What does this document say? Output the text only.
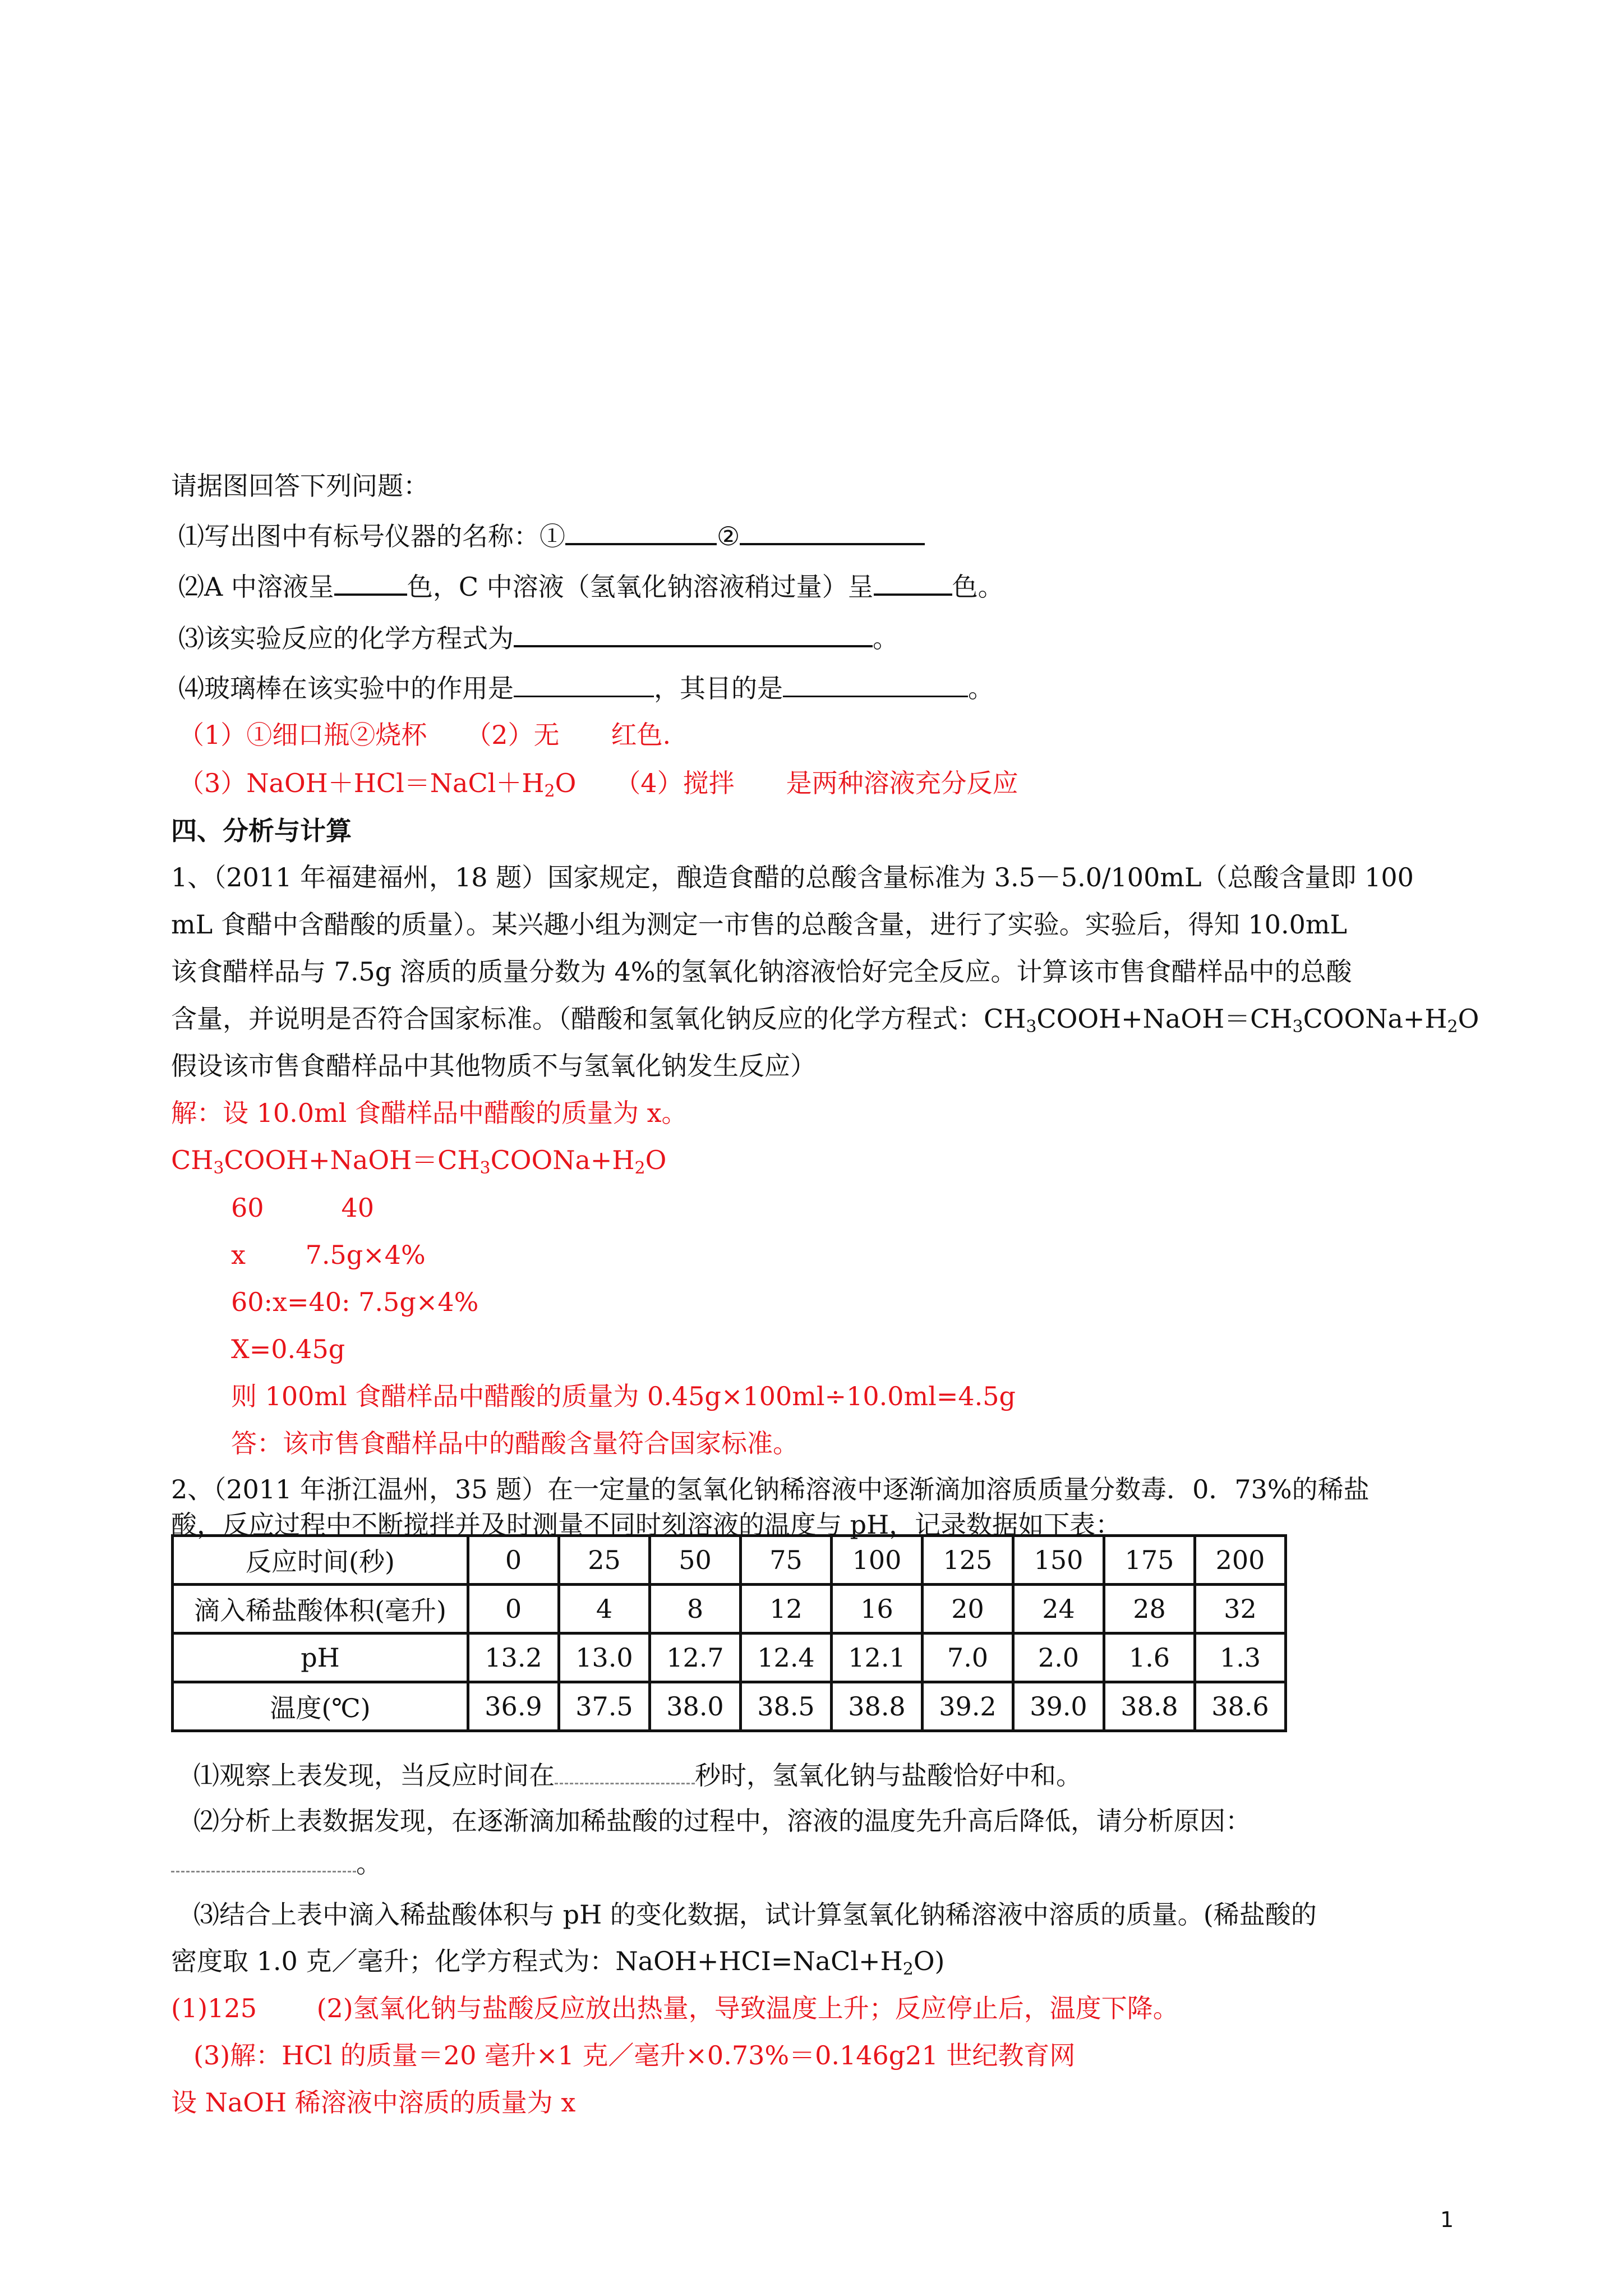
请据图回答下列问题：
⑴写出图中有标号仪器的名称：①	②
⑵A 中溶液呈	色，C 中溶液（氢氧化钠溶液稍过量）呈	色。
⑶该实验反应的化学方程式为	。
⑷玻璃棒在该实验中的作用是	，其目的是	。
（1）①细口瓶②烧杯　　（2）无　　红色.
$(3)NaOH+HCl=NaCl+H_2O$　　（4）搅拌　　是两种溶液充分反应
四、分析与计算
1、（2011 年福建福州，18 题）国家规定，酿造食醋的总酸含量标准为 3.5－5.0/100mL（总酸含量即 100
mL 食醋中含醋酸的质量）。某兴趣小组为测定一市售的总酸含量，进行了实验。实验后，得知 10.0mL
该食醋样品与 7.5g 溶质的质量分数为 4%的氢氧化钠溶液恰好完全反应。计算该市售食醋样品中的总酸
含量，并说明是否符合国家标准。（醋酸和氢氧化钠反应的化学方程式：$CH_3COOH+NaOH=CH_3COONa+H_2O$
假设该市售食醋样品中其他物质不与氢氧化钠发生反应）
解：设 10.0ml 食醋样品中醋酸的质量为 x。
$CH_3COOH+NaOH=CH_3COONa+H_2O$
60　　　40
x　　 7.5g×4%
60:x=40: 7.5g×4%
X=0.45g
则 100ml 食醋样品中醋酸的质量为 0.45g×100ml÷10.0ml=4.5g
答：该市售食醋样品中的醋酸含量符合国家标准。
2、（2011 年浙江温州，35 题）在一定量的氢氧化钠稀溶液中逐渐滴加溶质质量分数毒．0．73%的稀盐
酸，反应过程中不断搅拌并及时测量不同时刻溶液的温度与 pH，记录数据如下表：
反应时间(秒)	0	25	50	75	100	125	150	175	200
滴入稀盐酸体积(毫升)	0	4	8	12	16	20	24	28	32
pH	13.2	13.0	12.7	12.4	12.1	7.0	2.0	1.6	1.3
温度(℃)	36.9	37.5	38.0	38.5	38.8	39.2	39.0	38.8	38.6
⑴观察上表发现，当反应时间在	秒时，氢氧化钠与盐酸恰好中和。
⑵分析上表数据发现，在逐渐滴加稀盐酸的过程中，溶液的温度先升高后降低，请分析原因：
。
⑶结合上表中滴入稀盐酸体积与 pH 的变化数据，试计算氢氧化钠稀溶液中溶质的质量。(稀盐酸的
密度取 1.0 克／毫升；化学方程式为：$NaOH+HCI=NaCl+H_2O$)
(1)125　　 (2)氢氧化钠与盐酸反应放出热量，导致温度上升；反应停止后，温度下降。
(3)解：HCl 的质量＝20 毫升×1 克／毫升×0.73%＝0.146g21 世纪教育网
设 NaOH 稀溶液中溶质的质量为 x
1
